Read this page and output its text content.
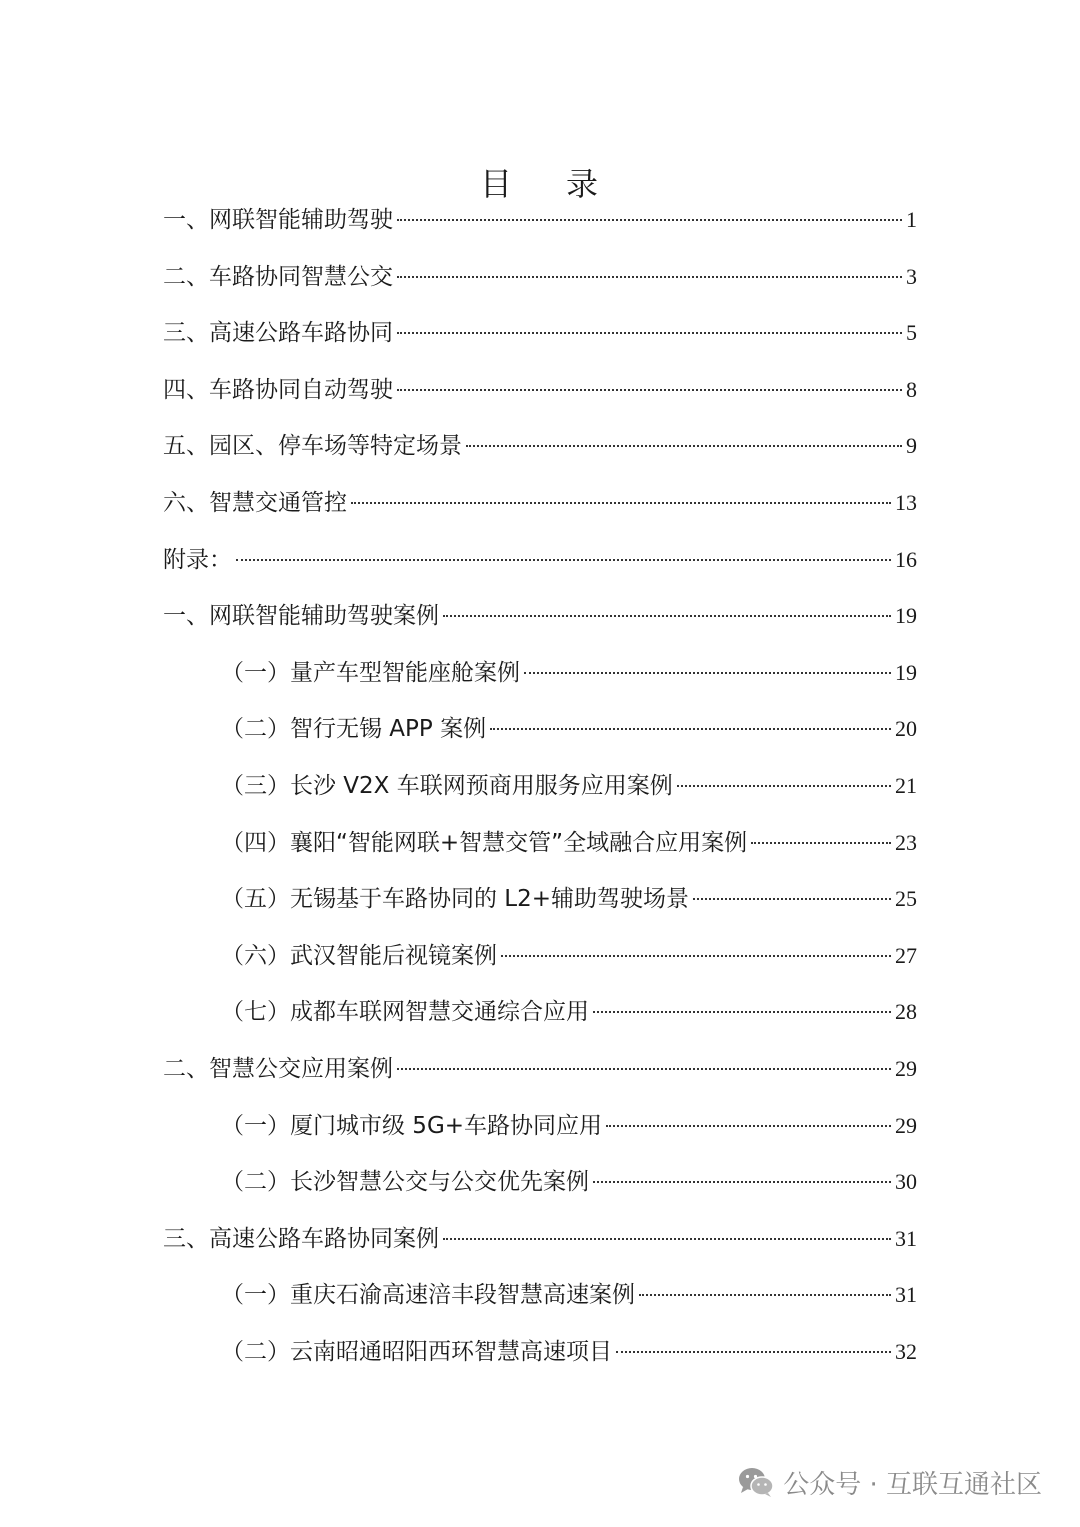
目 录
一、网联智能辅助驾驶	1
二、车路协同智慧公交	3
三、高速公路车路协同	5
四、车路协同自动驾驶	8
五、园区、停车场等特定场景	9
六、智慧交通管控	13
附录：	16
一、网联智能辅助驾驶案例	19
（一）量产车型智能座舱案例	19
（二）智行无锡 APP 案例	20
（三）长沙 V2X 车联网预商用服务应用案例	21
（四）襄阳“智能网联+智慧交管”全域融合应用案例	23
（五）无锡基于车路协同的 L2+辅助驾驶场景	25
（六）武汉智能后视镜案例	27
（七）成都车联网智慧交通综合应用	28
二、智慧公交应用案例	29
（一）厦门城市级 5G+车路协同应用	29
（二）长沙智慧公交与公交优先案例	30
三、高速公路车路协同案例	31
（一）重庆石渝高速涪丰段智慧高速案例	31
（二）云南昭通昭阳西环智慧高速项目	32
公众号 · 互联互通社区
